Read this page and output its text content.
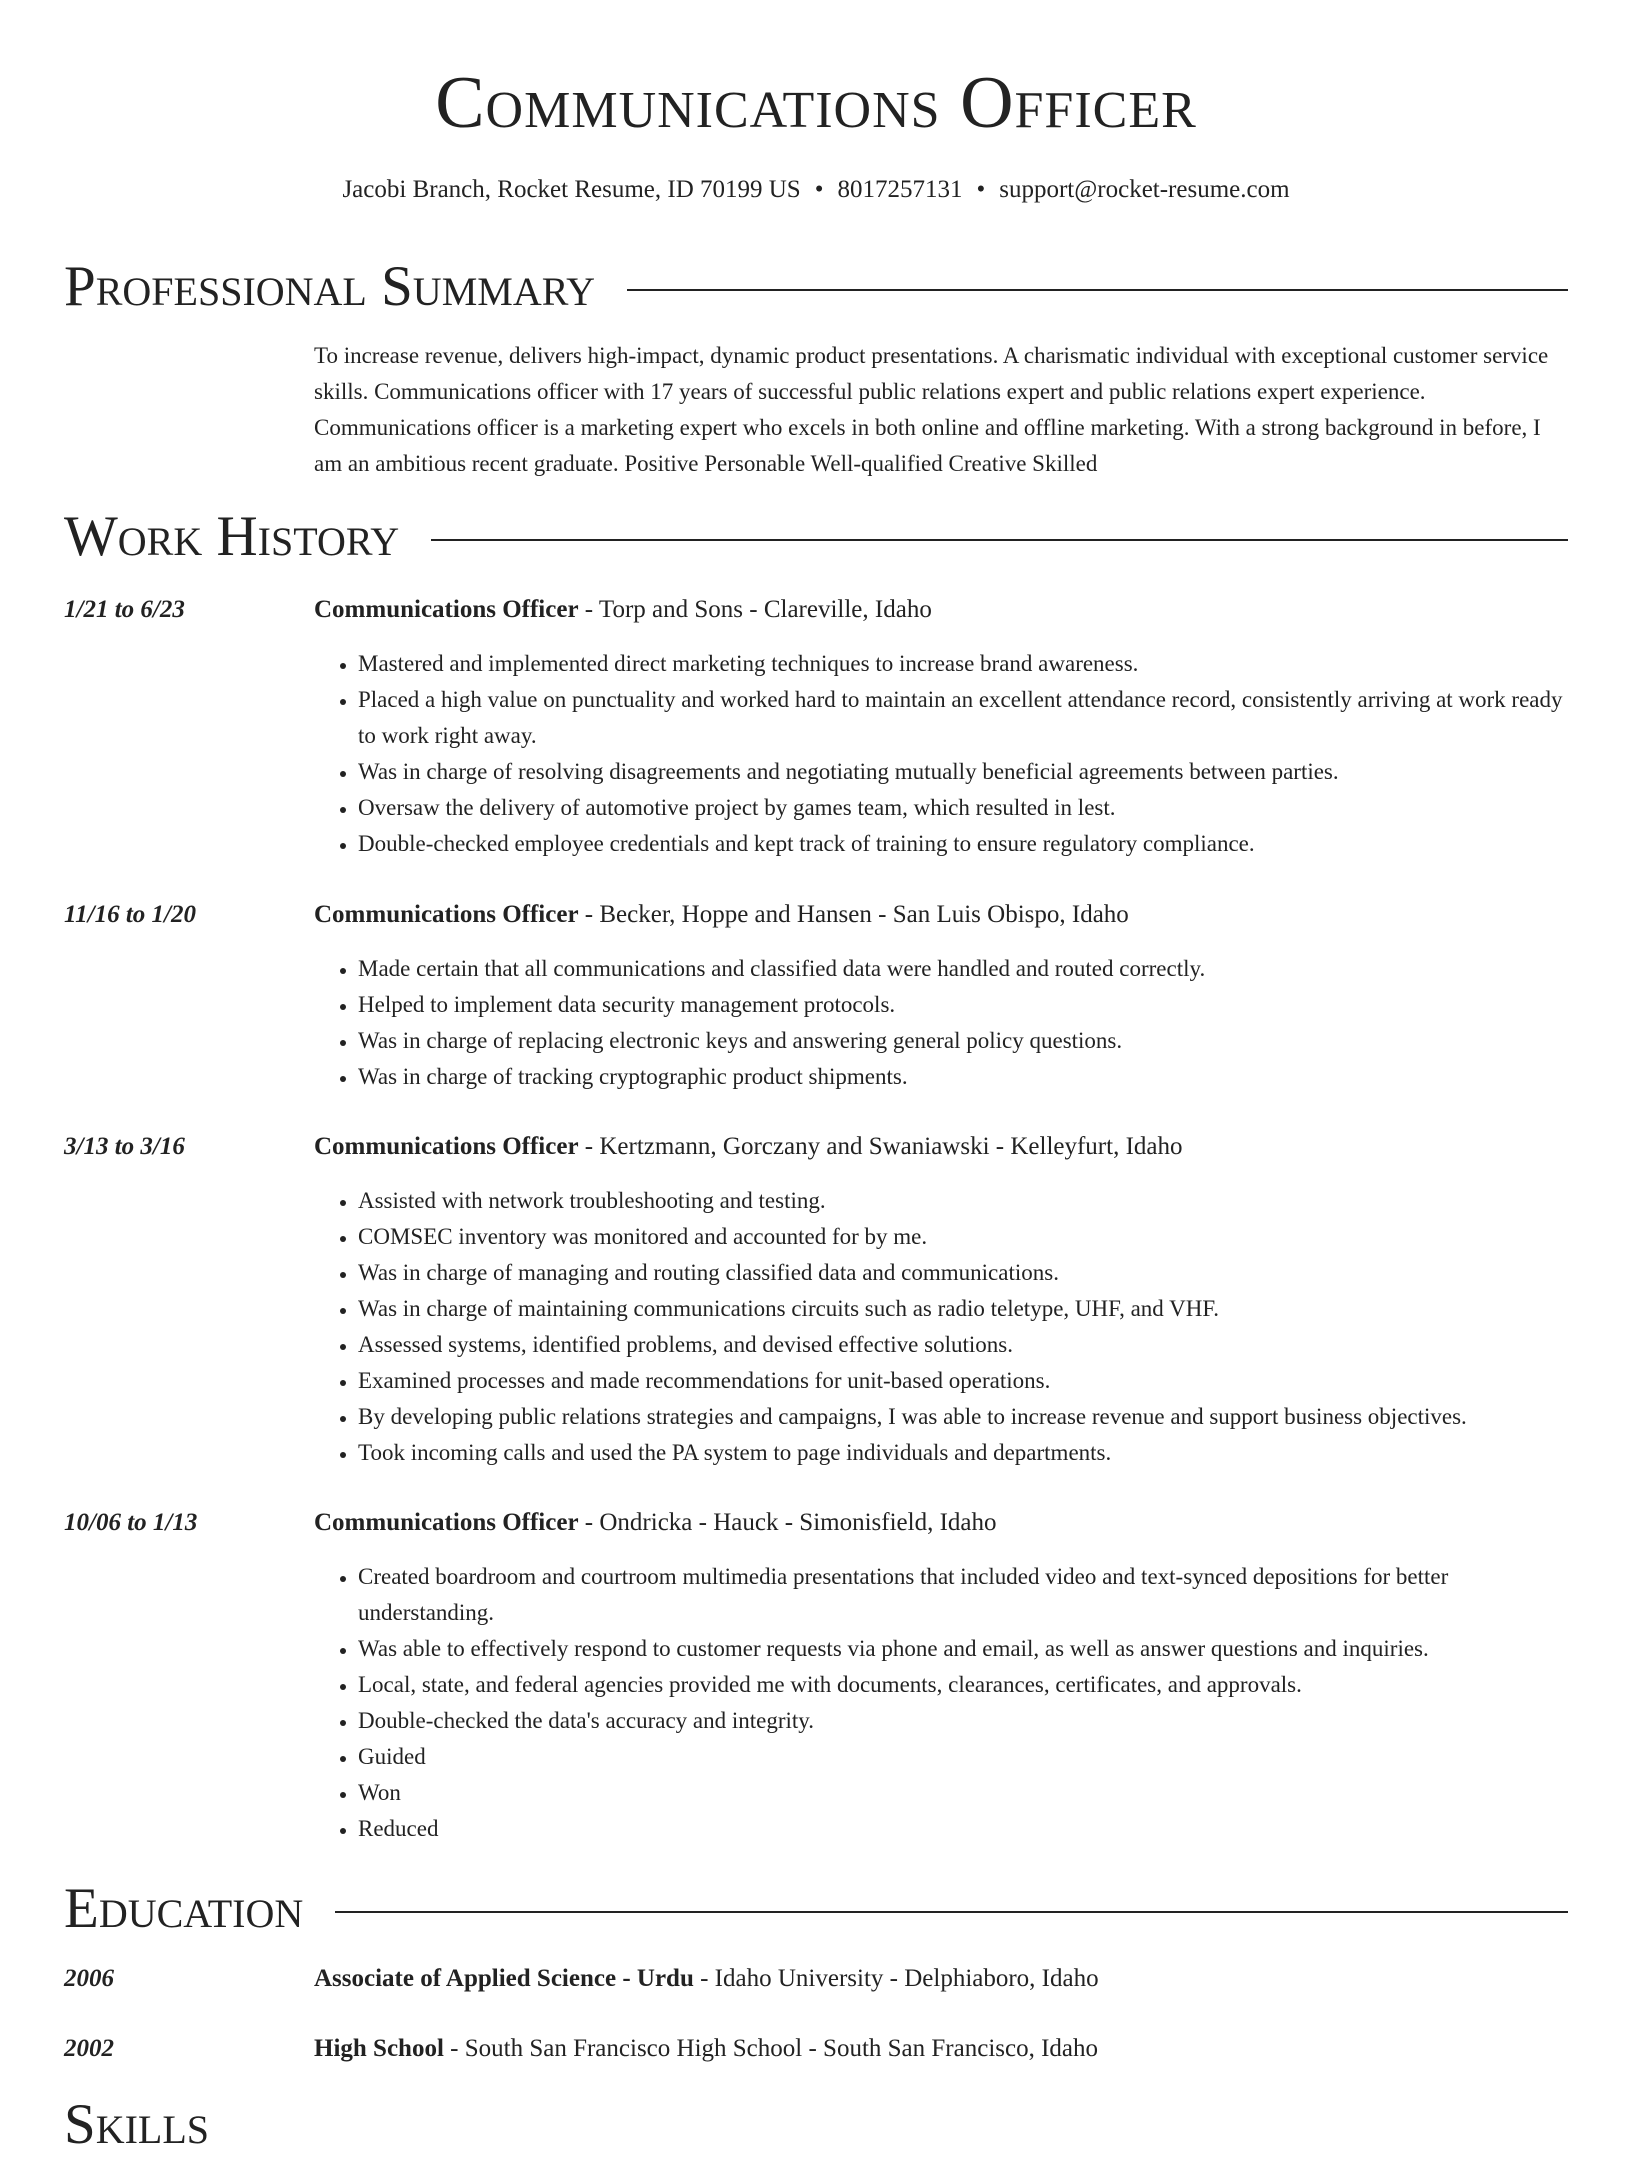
Communications Officer
Jacobi Branch, Rocket Resume, ID 70199 US • 8017257131 • support@rocket-resume.com
Professional Summary

To increase revenue, delivers high-impact, dynamic product presentations. A charismatic individual with exceptional customer service skills. Communications officer with 17 years of successful public relations expert and public relations expert experience. Communications officer is a marketing expert who excels in both online and offline marketing. With a strong background in before, I am an ambitious recent graduate. Positive Personable Well-qualified Creative Skilled

Work History
1/21 to 6/23	Communications Officer - Torp and Sons - Clareville, Idaho
• Mastered and implemented direct marketing techniques to increase brand awareness.
• Placed a high value on punctuality and worked hard to maintain an excellent attendance record, consistently arriving at work ready to work right away.
• Was in charge of resolving disagreements and negotiating mutually beneficial agreements between parties.
• Oversaw the delivery of automotive project by games team, which resulted in lest.
• Double-checked employee credentials and kept track of training to ensure regulatory compliance.
11/16 to 1/20	Communications Officer - Becker, Hoppe and Hansen - San Luis Obispo, Idaho
• Made certain that all communications and classified data were handled and routed correctly.
• Helped to implement data security management protocols.
• Was in charge of replacing electronic keys and answering general policy questions.
• Was in charge of tracking cryptographic product shipments.
3/13 to 3/16	Communications Officer - Kertzmann, Gorczany and Swaniawski - Kelleyfurt, Idaho
• Assisted with network troubleshooting and testing.
• COMSEC inventory was monitored and accounted for by me.
• Was in charge of managing and routing classified data and communications.
• Was in charge of maintaining communications circuits such as radio teletype, UHF, and VHF.
• Assessed systems, identified problems, and devised effective solutions.
• Examined processes and made recommendations for unit-based operations.
• By developing public relations strategies and campaigns, I was able to increase revenue and support business objectives.
• Took incoming calls and used the PA system to page individuals and departments.
10/06 to 1/13	Communications Officer - Ondricka - Hauck - Simonisfield, Idaho
• Created boardroom and courtroom multimedia presentations that included video and text-synced depositions for better understanding.
• Was able to effectively respond to customer requests via phone and email, as well as answer questions and inquiries.
• Local, state, and federal agencies provided me with documents, clearances, certificates, and approvals.
• Double-checked the data's accuracy and integrity.
• Guided
• Won
• Reduced
Education
2006	Associate of Applied Science - Urdu - Idaho University - Delphiaboro, Idaho
2002	High School - South San Francisco High School - South San Francisco, Idaho
Skills
